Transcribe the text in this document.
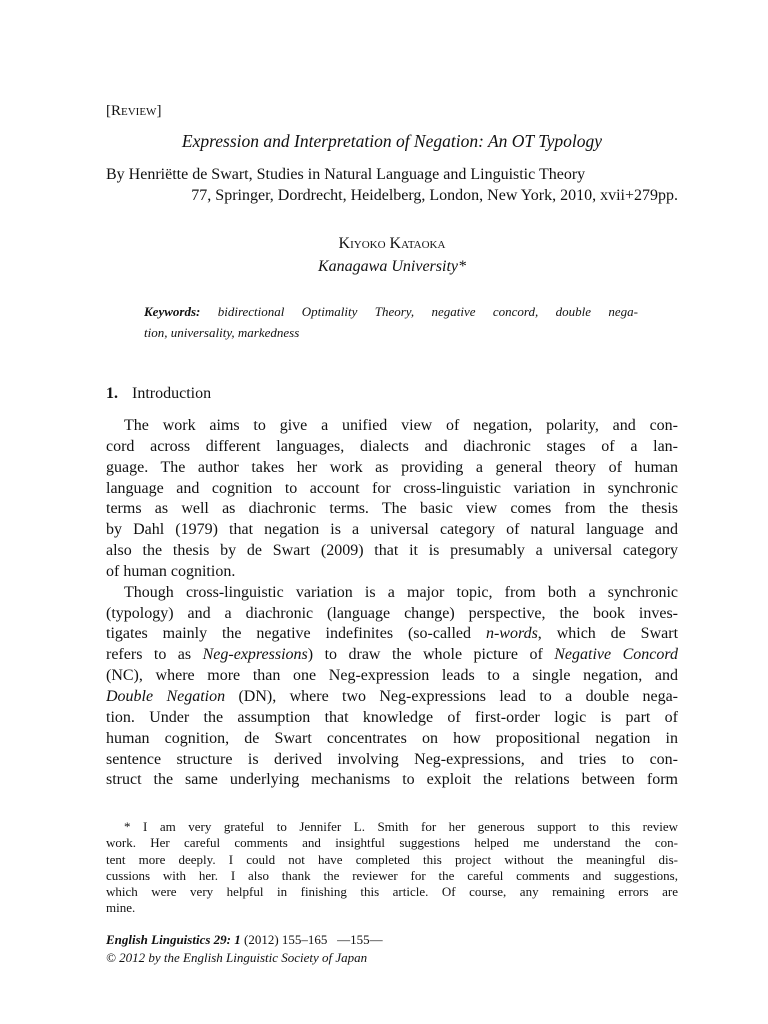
[Review]
Expression and Interpretation of Negation: An OT Typology
By Henriëtte de Swart, Studies in Natural Language and Linguistic Theory
77, Springer, Dordrecht, Heidelberg, London, New York, 2010, xvii+279pp.
Kiyoko Kataoka
Kanagawa University*
Keywords: bidirectional Optimality Theory, negative concord, double nega-
tion, universality, markedness
1. Introduction
The work aims to give a unified view of negation, polarity, and con-
cord across different languages, dialects and diachronic stages of a lan-
guage. The author takes her work as providing a general theory of human
language and cognition to account for cross-linguistic variation in synchronic
terms as well as diachronic terms. The basic view comes from the thesis
by Dahl (1979) that negation is a universal category of natural language and
also the thesis by de Swart (2009) that it is presumably a universal category
of human cognition.
Though cross-linguistic variation is a major topic, from both a synchronic
(typology) and a diachronic (language change) perspective, the book inves-
tigates mainly the negative indefinites (so-called n-words, which de Swart
refers to as Neg-expressions) to draw the whole picture of Negative Concord
(NC), where more than one Neg-expression leads to a single negation, and
Double Negation (DN), where two Neg-expressions lead to a double nega-
tion. Under the assumption that knowledge of first-order logic is part of
human cognition, de Swart concentrates on how propositional negation in
sentence structure is derived involving Neg-expressions, and tries to con-
struct the same underlying mechanisms to exploit the relations between form
* I am very grateful to Jennifer L. Smith for her generous support to this review
work. Her careful comments and insightful suggestions helped me understand the con-
tent more deeply. I could not have completed this project without the meaningful dis-
cussions with her. I also thank the reviewer for the careful comments and suggestions,
which were very helpful in finishing this article. Of course, any remaining errors are
mine.
English Linguistics 29: 1 (2012) 155–165 —155—
© 2012 by the English Linguistic Society of Japan
